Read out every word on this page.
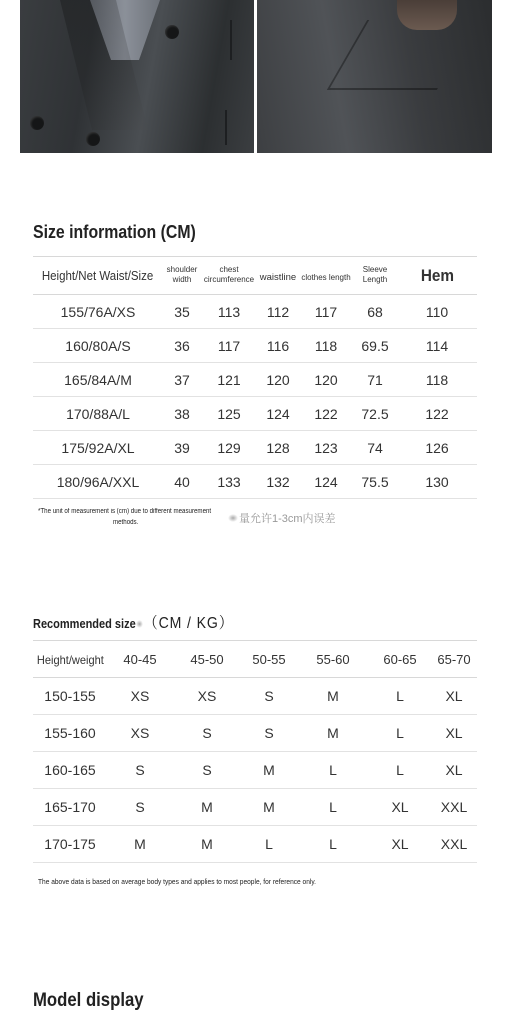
Size information (CM)
Height/Net Waist/Size	shoulder width	chest circumference	waistline	clothes length	Sleeve Length	Hem
155/76A/XS	35	113	112	117	68	110
160/80A/S	36	117	116	118	69.5	114
165/84A/M	37	121	120	120	71	118
170/88A/L	38	125	124	122	72.5	122
175/92A/XL	39	129	128	123	74	126
180/96A/XXL	40	133	132	124	75.5	130
*The unit of measurement is (cm) due to different measurement
methods.	量允许1-3cm内误差
Recommended size （CM / KG）
Height/weight	40-45	45-50	50-55	55-60	60-65	65-70
150-155	XS	XS	S	M	L	XL
155-160	XS	S	S	M	L	XL
160-165	S	S	M	L	L	XL
165-170	S	M	M	L	XL	XXL
170-175	M	M	L	L	XL	XXL
The above data is based on average body types and applies to most people, for reference only.
Model display
